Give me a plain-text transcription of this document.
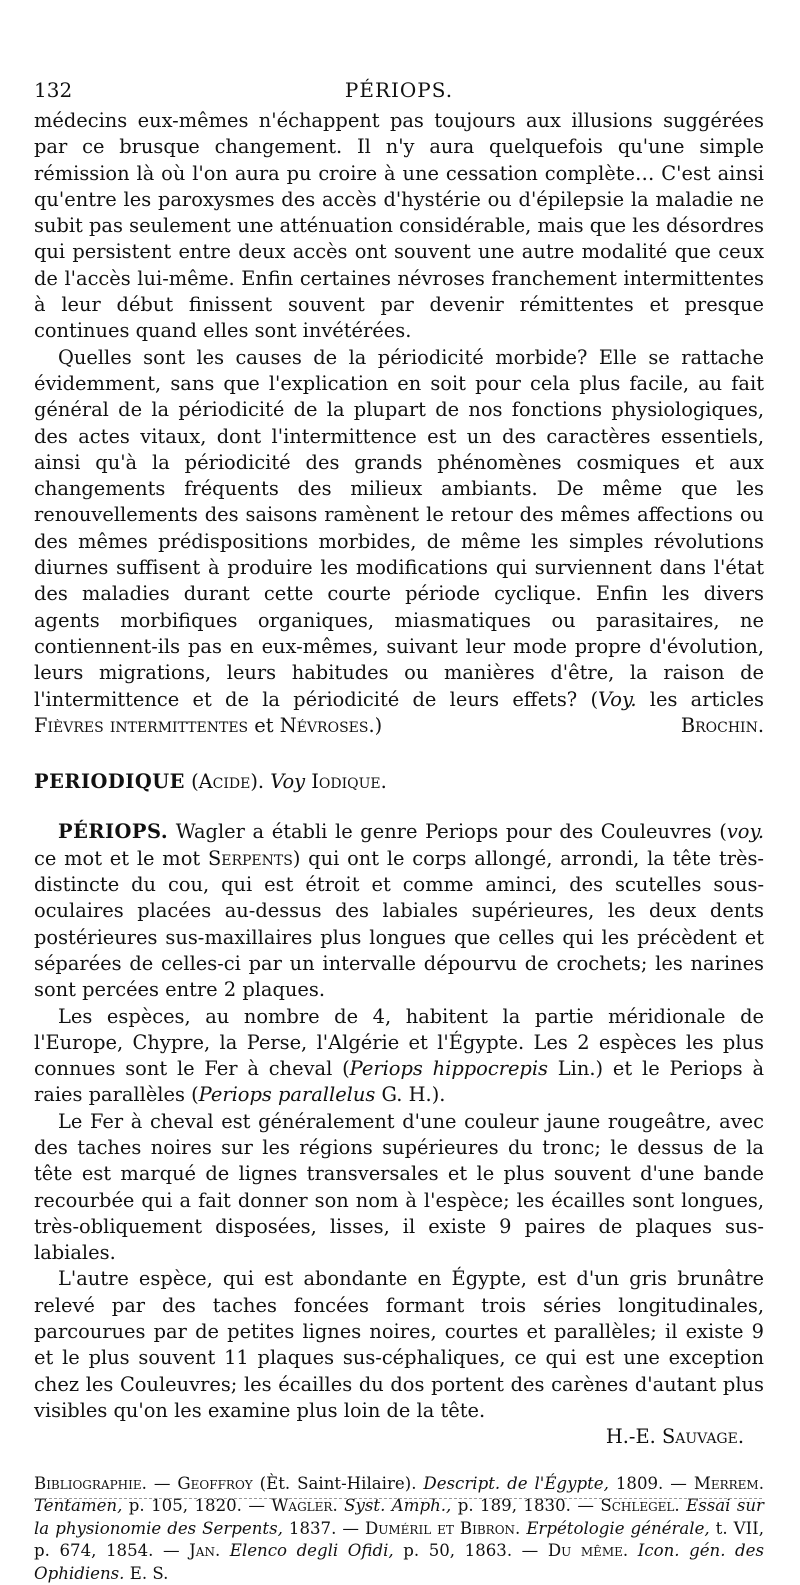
132	PÉRIOPS.

médecins eux-mêmes n'échappent pas toujours aux illusions suggérées par ce brusque changement. Il n'y aura quelquefois qu'une simple rémission là où l'on aura pu croire à une cessation complète… C'est ainsi qu'entre les paroxysmes des accès d'hystérie ou d'épilepsie la maladie ne subit pas seulement une atténuation considérable, mais que les désordres qui persistent entre deux accès ont souvent une autre modalité que ceux de l'accès lui-même. Enfin certaines névroses franchement intermittentes à leur début finissent souvent par devenir rémittentes et presque continues quand elles sont invétérées.

Quelles sont les causes de la périodicité morbide? Elle se rattache évidemment, sans que l'explication en soit pour cela plus facile, au fait général de la périodicité de la plupart de nos fonctions physiologiques, des actes vitaux, dont l'intermittence est un des caractères essentiels, ainsi qu'à la périodicité des grands phénomènes cosmiques et aux changements fréquents des milieux ambiants. De même que les renouvellements des saisons ramènent le retour des mêmes affections ou des mêmes prédispositions morbides, de même les simples révolutions diurnes suffisent à produire les modifications qui surviennent dans l'état des maladies durant cette courte période cyclique. Enfin les divers agents morbifiques organiques, miasmatiques ou parasitaires, ne contiennent-ils pas en eux-mêmes, suivant leur mode propre d'évolution, leurs migrations, leurs habitudes ou manières d'être, la raison de l'intermittence et de la périodicité de leurs effets? (Voy. les articles Fièvres intermittentes et Névroses.)	Brochin.

PERIODIQUE (Acide). Voy Iodique.

PÉRIOPS. Wagler a établi le genre Periops pour des Couleuvres (voy. ce mot et le mot Serpents) qui ont le corps allongé, arrondi, la tête très-distincte du cou, qui est étroit et comme aminci, des scutelles sous-oculaires placées au-dessus des labiales supérieures, les deux dents postérieures sus-maxillaires plus longues que celles qui les précèdent et séparées de celles-ci par un intervalle dépourvu de crochets; les narines sont percées entre 2 plaques.

Les espèces, au nombre de 4, habitent la partie méridionale de l'Europe, Chypre, la Perse, l'Algérie et l'Égypte. Les 2 espèces les plus connues sont le Fer à cheval (Periops hippocrepis Lin.) et le Periops à raies parallèles (Periops parallelus G. H.).

Le Fer à cheval est généralement d'une couleur jaune rougeâtre, avec des taches noires sur les régions supérieures du tronc; le dessus de la tête est marqué de lignes transversales et le plus souvent d'une bande recourbée qui a fait donner son nom à l'espèce; les écailles sont longues, très-obliquement disposées, lisses, il existe 9 paires de plaques sus-labiales.

L'autre espèce, qui est abondante en Égypte, est d'un gris brunâtre relevé par des taches foncées formant trois séries longitudinales, parcourues par de petites lignes noires, courtes et parallèles; il existe 9 et le plus souvent 11 plaques sus-céphaliques, ce qui est une exception chez les Couleuvres; les écailles du dos portent des carènes d'autant plus visibles qu'on les examine plus loin de la tête.

H.-E. Sauvage.

Bibliographie. — Geoffroy (Èt. Saint-Hilaire). Descript. de l'Égypte, 1809. — Merrem. Tentamen, p. 105, 1820. — Wagler. Syst. Amph., p. 189, 1830. — Schlegel. Essai sur la physionomie des Serpents, 1837. — Duméril et Bibron. Erpétologie générale, t. VII, p. 674, 1854. — Jan. Elenco degli Ofidi, p. 50, 1863. — Du même. Icon. gén. des Ophidiens. E. S.
